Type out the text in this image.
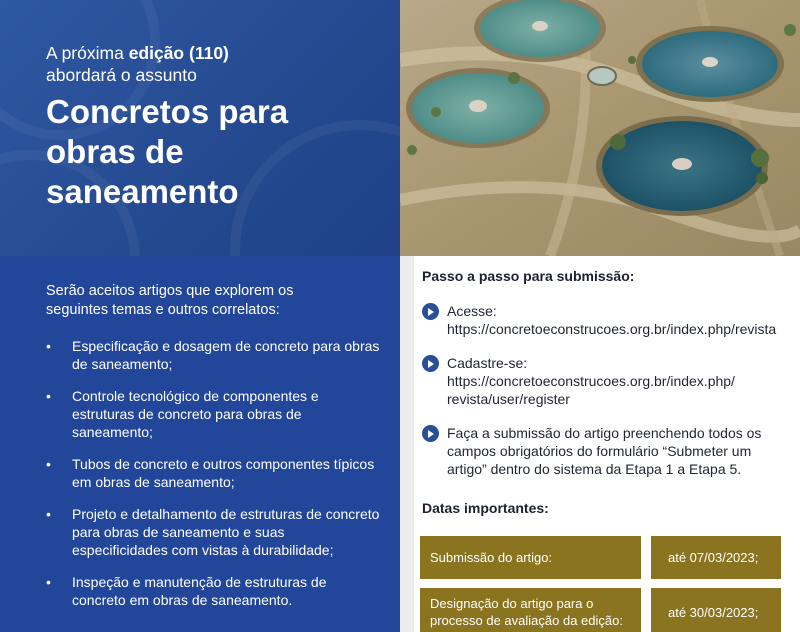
A próxima edição (110)
abordará o assunto
Concretos para obras de saneamento

Serão aceitos artigos que explorem os seguintes temas e outros correlatos:

• Especificação e dosagem de concreto para obras de saneamento;
• Controle tecnológico de componentes e estruturas de concreto para obras de saneamento;
• Tubos de concreto e outros componentes típicos em obras de saneamento;
• Projeto e detalhamento de estruturas de concreto para obras de saneamento e suas especificidades com vistas à durabilidade;
• Inspeção e manutenção de estruturas de concreto em obras de saneamento.
Passo a passo para submissão:
Acesse:
https://concretoeconstrucoes.org.br/index.php/revista
Cadastre-se:
https://concretoeconstrucoes.org.br/index.php/
revista/user/register
Faça a submissão do artigo preenchendo todos os
campos obrigatórios do formulário “Submeter um
artigo” dentro do sistema da Etapa 1 a Etapa 5.
Datas importantes:
Submissão do artigo:	até 07/03/2023;
Designação do artigo para o
processo de avaliação da edição:
até 30/03/2023;
